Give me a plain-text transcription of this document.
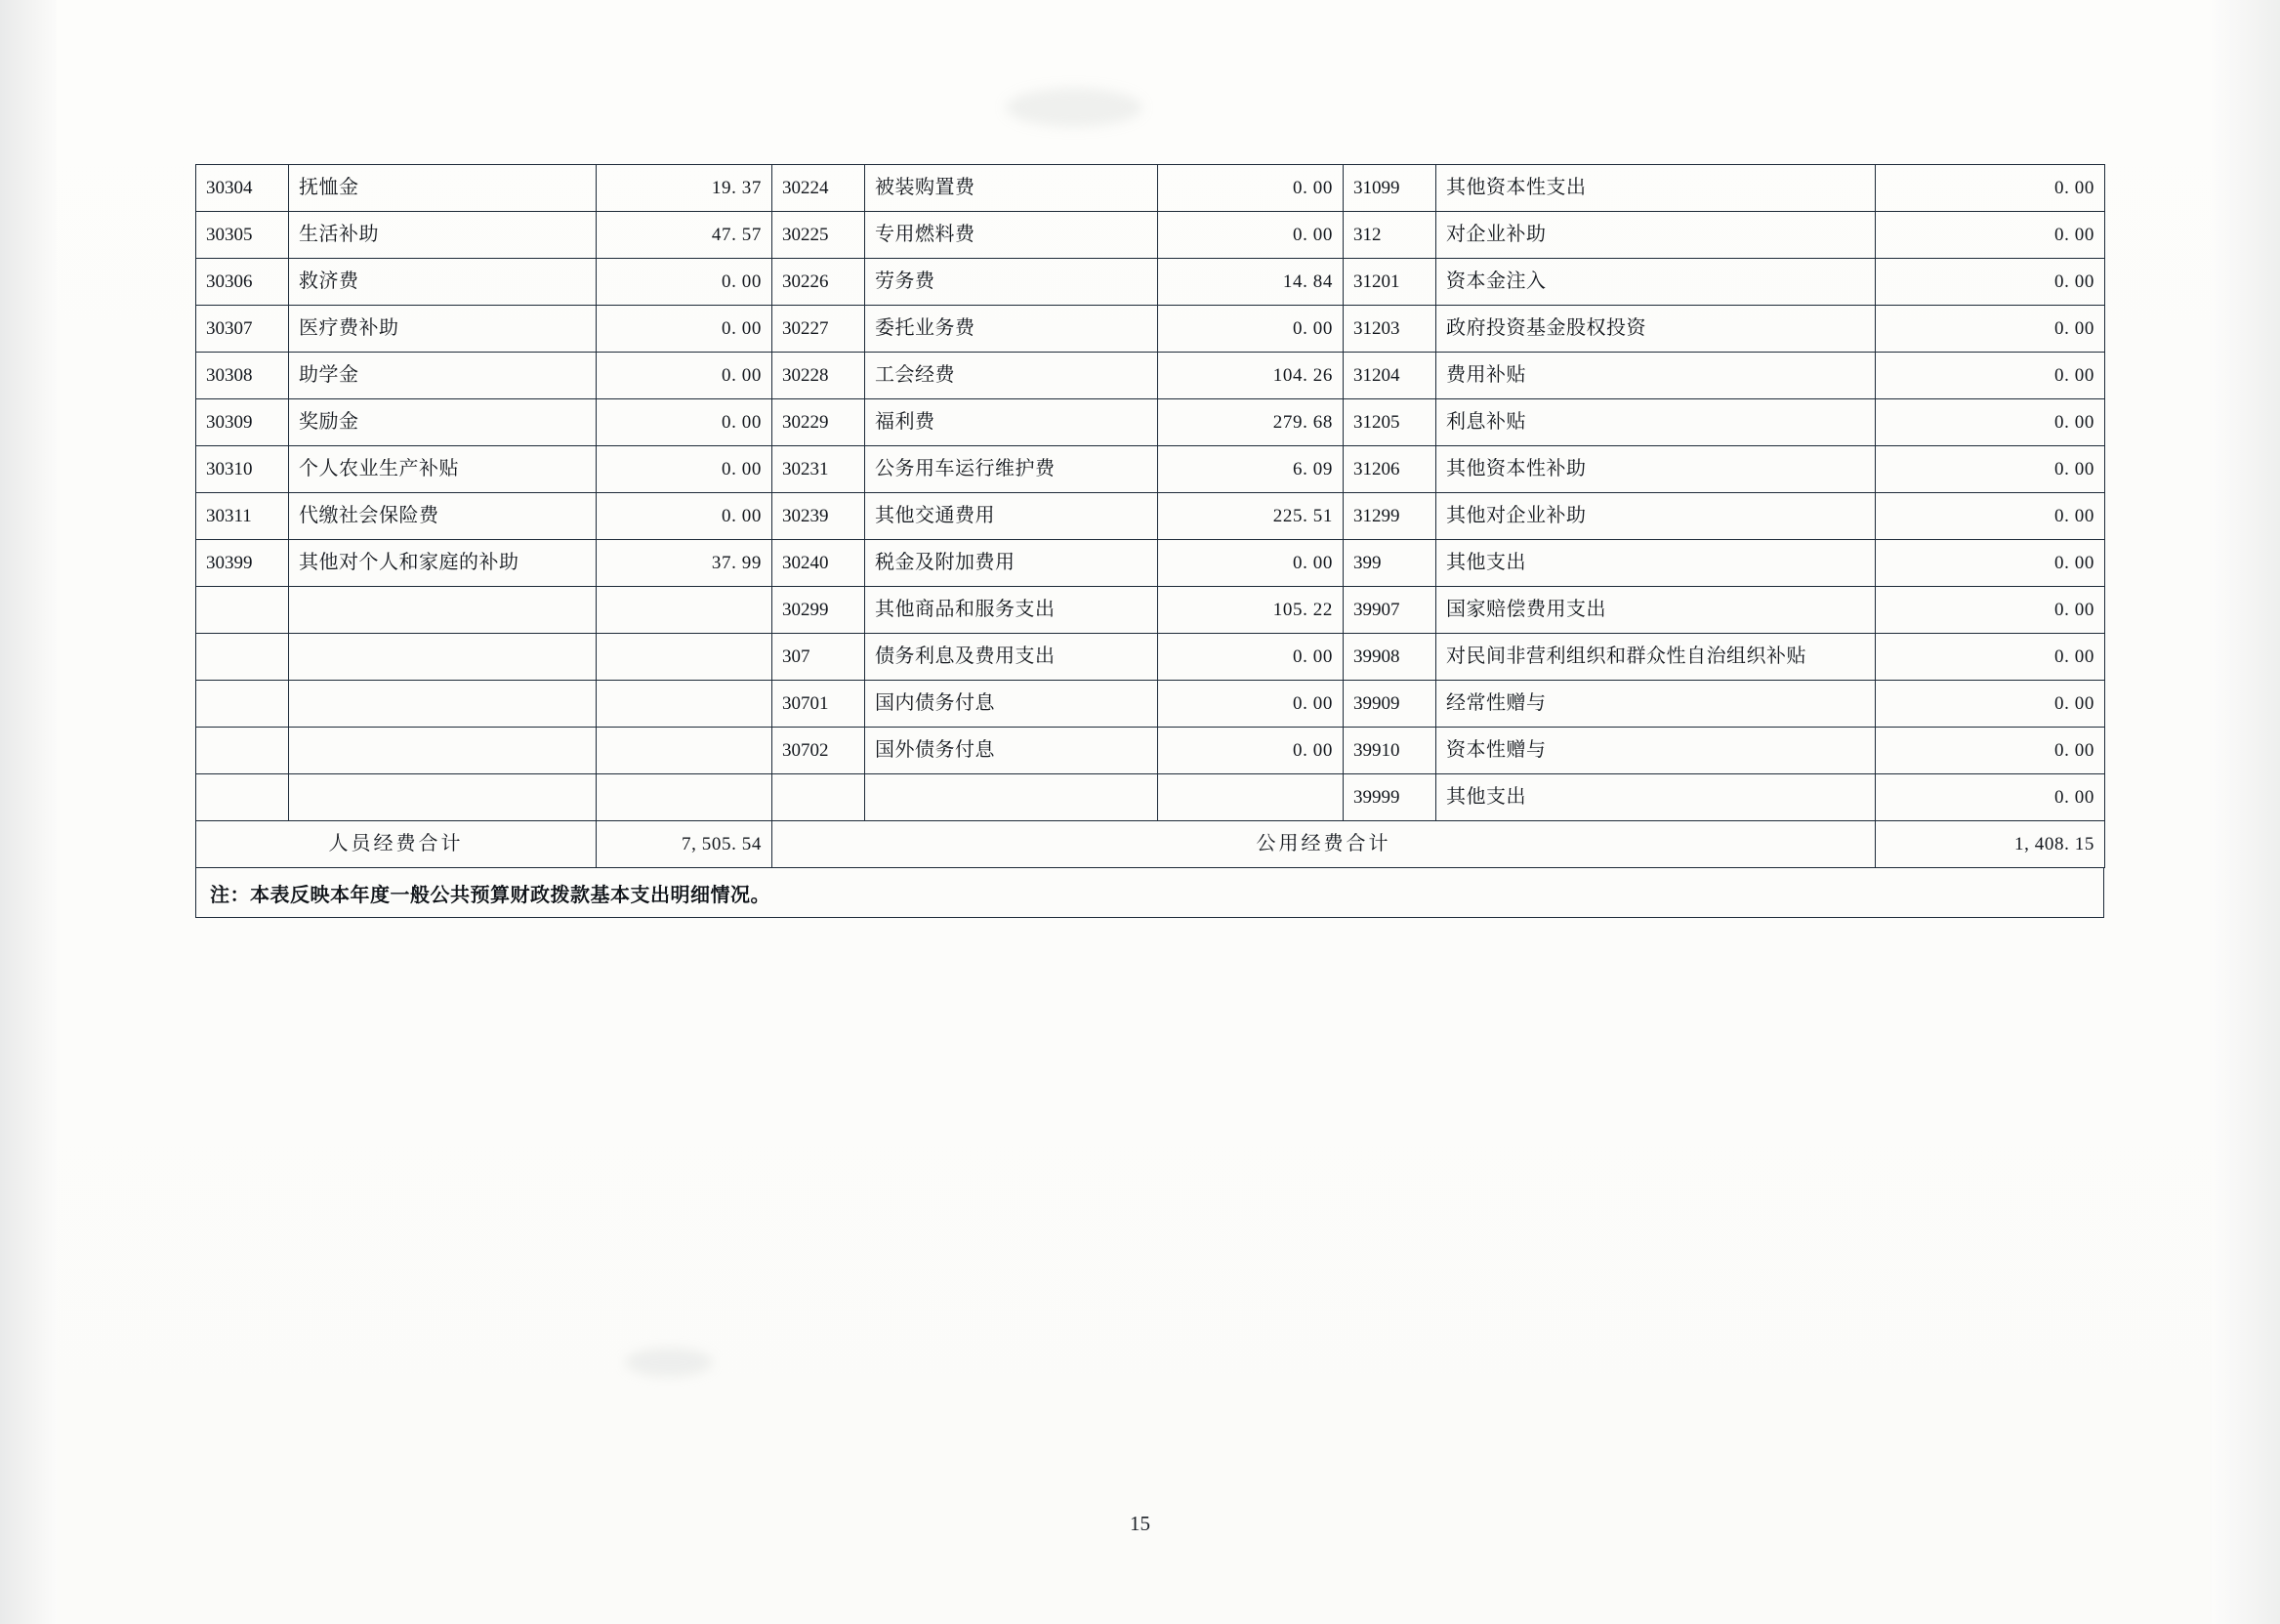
30304	抚恤金	19. 37	30224	被装购置费	0. 00	31099	其他资本性支出	0. 00
30305	生活补助	47. 57	30225	专用燃料费	0. 00	312	对企业补助	0. 00
30306	救济费	0. 00	30226	劳务费	14. 84	31201	资本金注入	0. 00
30307	医疗费补助	0. 00	30227	委托业务费	0. 00	31203	政府投资基金股权投资	0. 00
30308	助学金	0. 00	30228	工会经费	104. 26	31204	费用补贴	0. 00
30309	奖励金	0. 00	30229	福利费	279. 68	31205	利息补贴	0. 00
30310	个人农业生产补贴	0. 00	30231	公务用车运行维护费	6. 09	31206	其他资本性补助	0. 00
30311	代缴社会保险费	0. 00	30239	其他交通费用	225. 51	31299	其他对企业补助	0. 00
30399	其他对个人和家庭的补助	37. 99	30240	税金及附加费用	0. 00	399	其他支出	0. 00
			30299	其他商品和服务支出	105. 22	39907	国家赔偿费用支出	0. 00
			307	债务利息及费用支出	0. 00	39908	对民间非营利组织和群众性自治组织补贴	0. 00
			30701	国内债务付息	0. 00	39909	经常性赠与	0. 00
			30702	国外债务付息	0. 00	39910	资本性赠与	0. 00
						39999	其他支出	0. 00
人员经费合计		7, 505. 54	公用经费合计					1, 408. 15
注：本表反映本年度一般公共预算财政拨款基本支出明细情况。
15
